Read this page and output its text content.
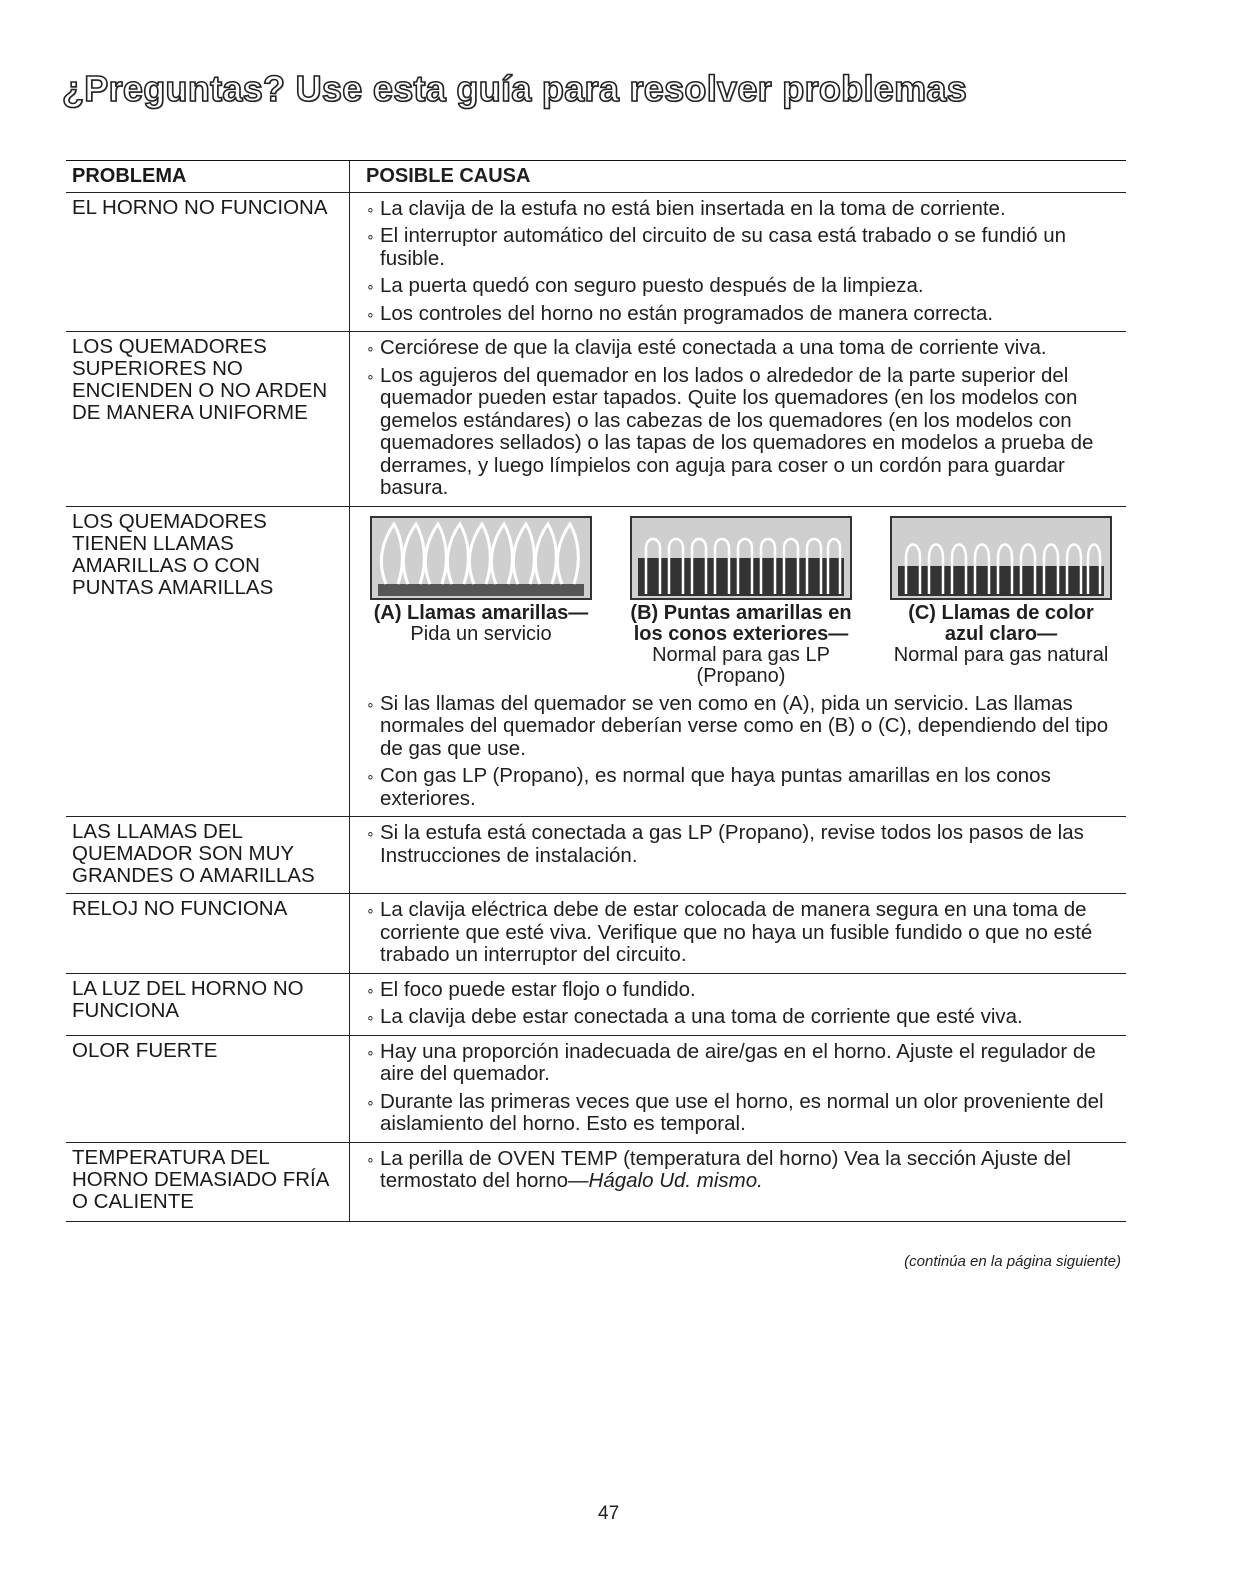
¿Preguntas? Use esta guía para resolver problemas
PROBLEMA	POSIBLE CAUSA
EL HORNO NO FUNCIONA	∘ La clavija de la estufa no está bien insertada en la toma de corriente.
∘ El interruptor automático del circuito de su casa está trabado o se fundió un fusible.
∘ La puerta quedó con seguro puesto después de la limpieza.
∘ Los controles del horno no están programados de manera correcta.
LOS QUEMADORES SUPERIORES NO ENCIENDEN O NO ARDEN DE MANERA UNIFORME
∘ Cerciórese de que la clavija esté conectada a una toma de corriente viva.
∘ Los agujeros del quemador en los lados o alrededor de la parte superior del quemador pueden estar tapados. Quite los quemadores (en los modelos con gemelos estándares) o las cabezas de los quemadores (en los modelos con quemadores sellados) o las tapas de los quemadores en modelos a prueba de derrames, y luego límpielos con aguja para coser o un cordón para guardar basura.
LOS QUEMADORES TIENEN LLAMAS AMARILLAS O CON PUNTAS AMARILLAS
(A) Llamas amarillas—
Pida un servicio
(B) Puntas amarillas en los conos exteriores—
Normal para gas LP (Propano)
(C) Llamas de color azul claro—
Normal para gas natural
∘ Si las llamas del quemador se ven como en (A), pida un servicio. Las llamas normales del quemador deberían verse como en (B) o (C), dependiendo del tipo de gas que use.
∘ Con gas LP (Propano), es normal que haya puntas amarillas en los conos exteriores.
LAS LLAMAS DEL QUEMADOR SON MUY GRANDES O AMARILLAS
∘ Si la estufa está conectada a gas LP (Propano), revise todos los pasos de las Instrucciones de instalación.
RELOJ NO FUNCIONA	∘ La clavija eléctrica debe de estar colocada de manera segura en una toma de corriente que esté viva. Verifique que no haya un fusible fundido o que no esté trabado un interruptor del circuito.
LA LUZ DEL HORNO NO FUNCIONA
∘ El foco puede estar flojo o fundido.
∘ La clavija debe estar conectada a una toma de corriente que esté viva.
OLOR FUERTE	∘ Hay una proporción inadecuada de aire/gas en el horno. Ajuste el regulador de aire del quemador.
∘ Durante las primeras veces que use el horno, es normal un olor proveniente del aislamiento del horno. Esto es temporal.
TEMPERATURA DEL HORNO DEMASIADO FRÍA O CALIENTE
∘ La perilla de OVEN TEMP (temperatura del horno) Vea la sección Ajuste del termostato del horno—Hágalo Ud. mismo.
(continúa en la página siguiente)
47
